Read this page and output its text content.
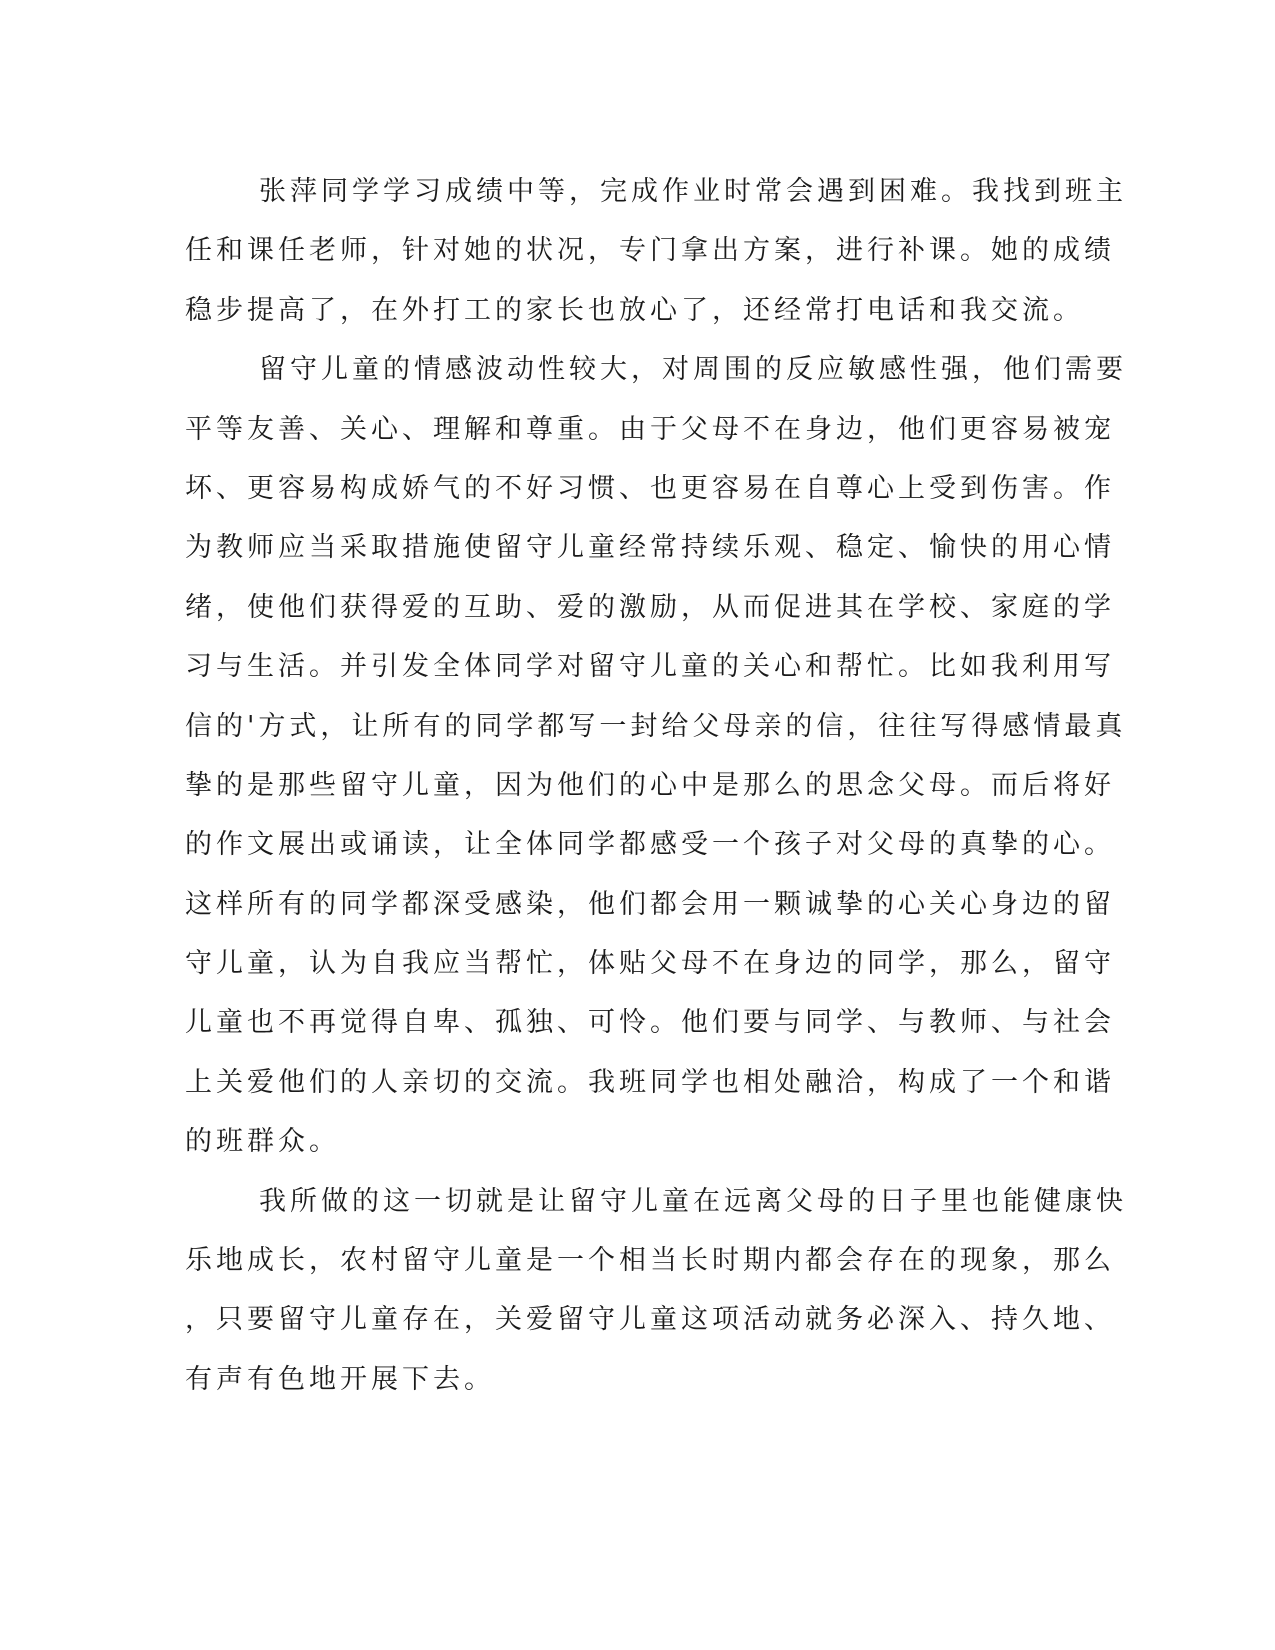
张萍同学学习成绩中等，完成作业时常会遇到困难。我找到班主
任和课任老师，针对她的状况，专门拿出方案，进行补课。她的成绩
稳步提高了，在外打工的家长也放心了，还经常打电话和我交流。
留守儿童的情感波动性较大，对周围的反应敏感性强，他们需要
平等友善、关心、理解和尊重。由于父母不在身边，他们更容易被宠
坏、更容易构成娇气的不好习惯、也更容易在自尊心上受到伤害。作
为教师应当采取措施使留守儿童经常持续乐观、稳定、愉快的用心情
绪，使他们获得爱的互助、爱的激励，从而促进其在学校、家庭的学
习与生活。并引发全体同学对留守儿童的关心和帮忙。比如我利用写
信的'方式，让所有的同学都写一封给父母亲的信，往往写得感情最真
挚的是那些留守儿童，因为他们的心中是那么的思念父母。而后将好
的作文展出或诵读，让全体同学都感受一个孩子对父母的真挚的心。
这样所有的同学都深受感染，他们都会用一颗诚挚的心关心身边的留
守儿童，认为自我应当帮忙，体贴父母不在身边的同学，那么，留守
儿童也不再觉得自卑、孤独、可怜。他们要与同学、与教师、与社会
上关爱他们的人亲切的交流。我班同学也相处融洽，构成了一个和谐
的班群众。
我所做的这一切就是让留守儿童在远离父母的日子里也能健康快
乐地成长，农村留守儿童是一个相当长时期内都会存在的现象，那么
，只要留守儿童存在，关爱留守儿童这项活动就务必深入、持久地、
有声有色地开展下去。
